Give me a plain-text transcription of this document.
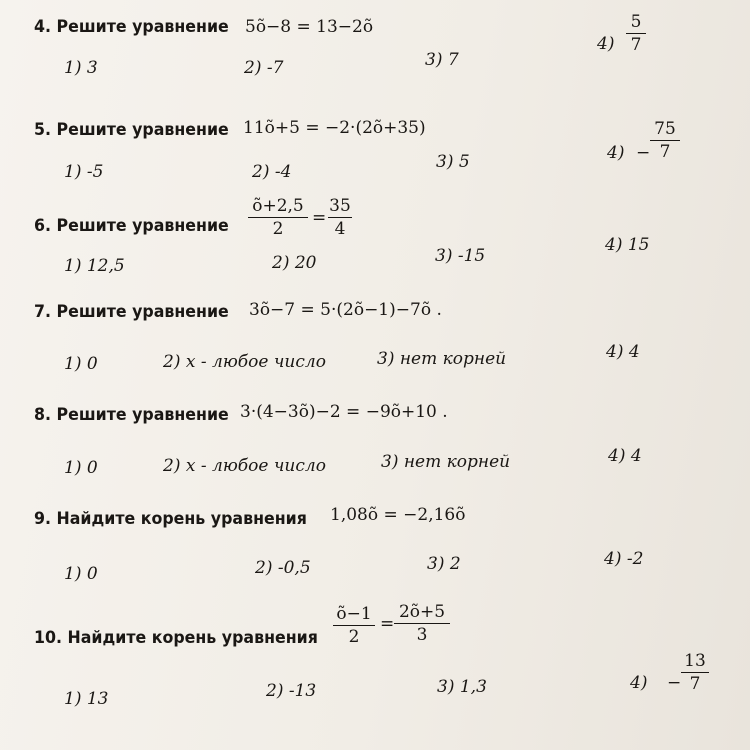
4. Решите уравнение 5õ−8 = 13−2õ
1) 3	2) -7	3) 7
4)
5
7
5. Решите уравнение 11õ+5 = −2·(2õ+35)
1) -5	2) -4	3) 5	4) −
75
7
6. Решите уравнение
õ+2,5
2
=
35
4
1) 12,5	2) 20	3) -15
4) 15
7. Решите уравнение 3õ−7 = 5·(2õ−1)−7õ .
1) 0	2) х - любое число	3) нет корней	4) 4
8. Решите уравнение 3·(4−3õ)−2 = −9õ+10 .
1) 0	2) х - любое число	3) нет корней	4) 4
9. Найдите корень уравнения 1,08õ = −2,16õ
1) 0	2) -0,5	3) 2	4) -2
10. Найдите корень уравнения
õ−1
2
=
2õ+5
3
1) 13	2) -13	3) 1,3	4) −
13
7
